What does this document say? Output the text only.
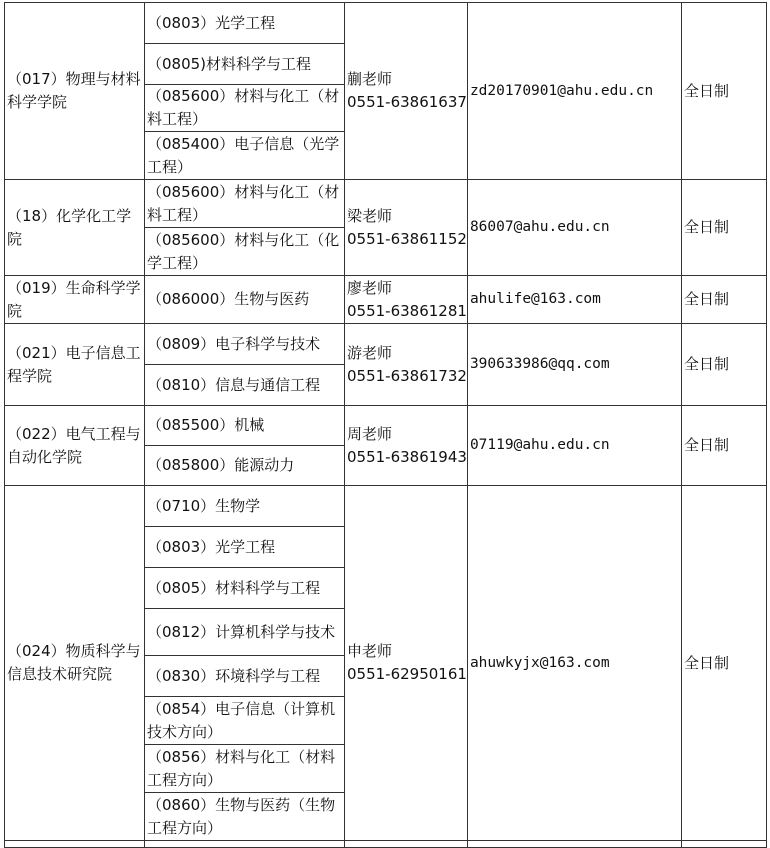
（017）物理与材料科学学院	（0803）光学工程	蒯老师
0551-63861637	zd20170901@ahu.edu.cn	全日制

	（0805)材料科学与工程			

	（085600）材料与化工（材料工程）			

	（085400）电子信息（光学工程）			

（18）化学化工学院	（085600）材料与化工（材料工程）	梁老师
0551-63861152	86007@ahu.edu.cn	全日制

	（085600）材料与化工（化学工程）			

（019）生命科学学院	（086000）生物与医药	廖老师
0551-63861281	ahulife@163.com	全日制

（021）电子信息工程学院	（0809）电子科学与技术	游老师
0551-63861732	390633986@qq.com	全日制

	（0810）信息与通信工程			

（022）电气工程与自动化学院	（085500）机械	周老师
0551-63861943	07119@ahu.edu.cn	全日制

	（085800）能源动力			

（024）物质科学与信息技术研究院	（0710）生物学	申老师
0551-62950161	ahuwkyjx@163.com	全日制

	（0803）光学工程			

	（0805）材料科学与工程			

	（0812）计算机科学与技术			

	（0830）环境科学与工程			

	（0854）电子信息（计算机技术方向）			

	（0856）材料与化工（材料工程方向）			

	（0860）生物与医药（生物工程方向）			
